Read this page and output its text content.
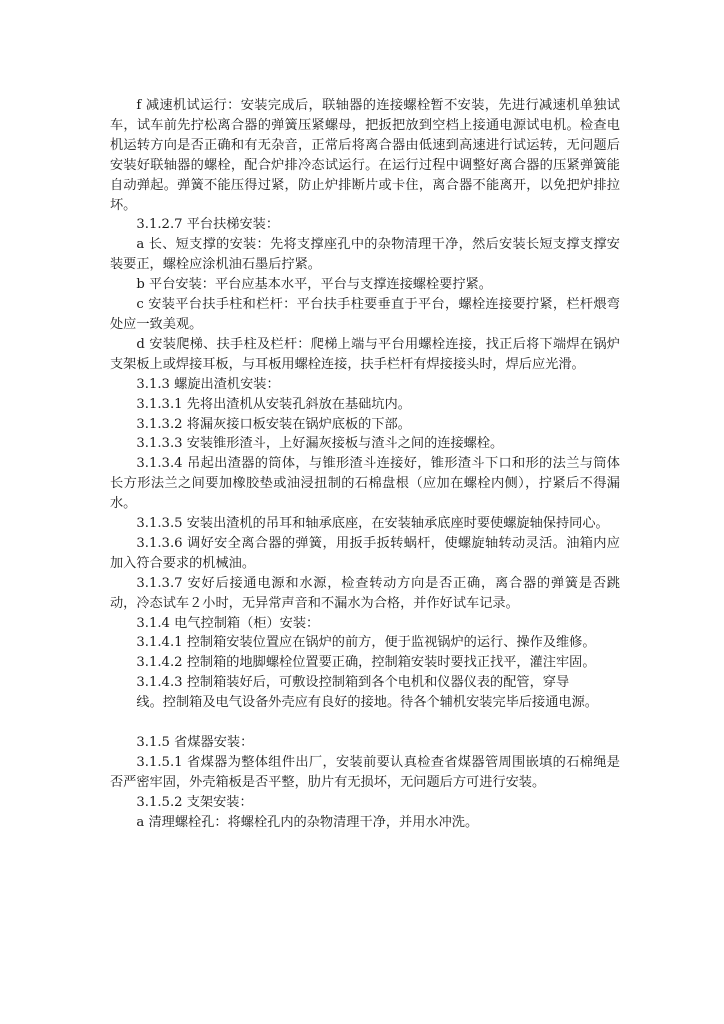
f 减速机试运行：安装完成后，联轴器的连接螺栓暂不安装，先进行减速机单独试车，试车前先拧松离合器的弹簧压紧螺母，把扳把放到空档上接通电源试电机。检查电机运转方向是否正确和有无杂音，正常后将离合器由低速到高速进行试运转，无问题后安装好联轴器的螺栓，配合炉排冷态试运行。在运行过程中调整好离合器的压紧弹簧能自动弹起。弹簧不能压得过紧，防止炉排断片或卡住，离合器不能离开，以免把炉排拉坏。

3.1.2.7 平台扶梯安装：

a 长、短支撑的安装：先将支撑座孔中的杂物清理干净，然后安装长短支撑支撑安装要正，螺栓应涂机油石墨后拧紧。

b 平台安装：平台应基本水平，平台与支撑连接螺栓要拧紧。

c 安装平台扶手柱和栏杆：平台扶手柱要垂直于平台，螺栓连接要拧紧，栏杆煨弯处应一致美观。

d 安装爬梯、扶手柱及栏杆：爬梯上端与平台用螺栓连接，找正后将下端焊在锅炉支架板上或焊接耳板，与耳板用螺栓连接，扶手栏杆有焊接接头时，焊后应光滑。

3.1.3 螺旋出渣机安装：

3.1.3.1 先将出渣机从安装孔斜放在基础坑内。

3.1.3.2 将漏灰接口板安装在锅炉底板的下部。

3.1.3.3 安装锥形渣斗，上好漏灰接板与渣斗之间的连接螺栓。

3.1.3.4 吊起出渣器的筒体，与锥形渣斗连接好，锥形渣斗下口和形的法兰与筒体长方形法兰之间要加橡胶垫或油浸扭制的石棉盘根（应加在螺栓内侧），拧紧后不得漏水。

3.1.3.5 安装出渣机的吊耳和轴承底座，在安装轴承底座时要使螺旋轴保持同心。

3.1.3.6 调好安全离合器的弹簧，用扳手扳转蜗杆，使螺旋轴转动灵活。油箱内应加入符合要求的机械油。

3.1.3.7 安好后接通电源和水源，检查转动方向是否正确，离合器的弹簧是否跳动，冷态试车２小时，无异常声音和不漏水为合格，并作好试车记录。

3.1.4 电气控制箱（柜）安装：

3.1.4.1 控制箱安装位置应在锅炉的前方，便于监视锅炉的运行、操作及维修。

3.1.4.2 控制箱的地脚螺栓位置要正确，控制箱安装时要找正找平，灌注牢固。

3.1.4.3 控制箱装好后，可敷设控制箱到各个电机和仪器仪表的配管，穿导

线。控制箱及电气设备外壳应有良好的接地。待各个辅机安装完毕后接通电源。

3.1.5 省煤器安装：

3.1.5.1 省煤器为整体组件出厂，安装前要认真检查省煤器管周围嵌填的石棉绳是否严密牢固，外壳箱板是否平整，肋片有无损坏，无问题后方可进行安装。

3.1.5.2 支架安装：

a 清理螺栓孔：将螺栓孔内的杂物清理干净，并用水冲洗。
